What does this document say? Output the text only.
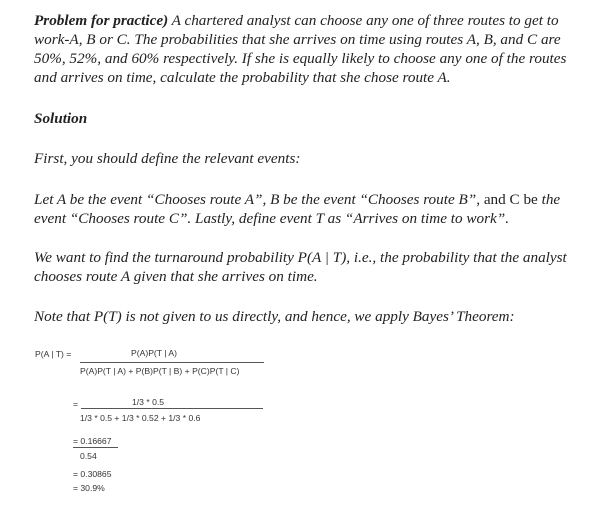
Problem for practice) A chartered analyst can choose any one of three routes to get to work-A, B or C. The probabilities that she arrives on time using routes A, B, and C are 50%, 52%, and 60% respectively. If she is equally likely to choose any one of the routes and arrives on time, calculate the probability that she chose route A.

Solution

First, you should define the relevant events:

Let A be the event “Chooses route A”, B be the event “Chooses route B”, and C be the event “Chooses route C”. Lastly, define event T as “Arrives on time to work”.

We want to find the turnaround probability P(A | T), i.e., the probability that the analyst chooses route A given that she arrives on time.

Note that P(T) is not given to us directly, and hence, we apply Bayes’ Theorem:

P(A | T) =	P(A)P(T | A)
P(A)P(T | A) + P(B)P(T | B) + P(C)P(T | C)
=	1/3 * 0.5
1/3 * 0.5 + 1/3 * 0.52 + 1/3 * 0.6
= 0.16667
0.54
= 0.30865
= 30.9%
